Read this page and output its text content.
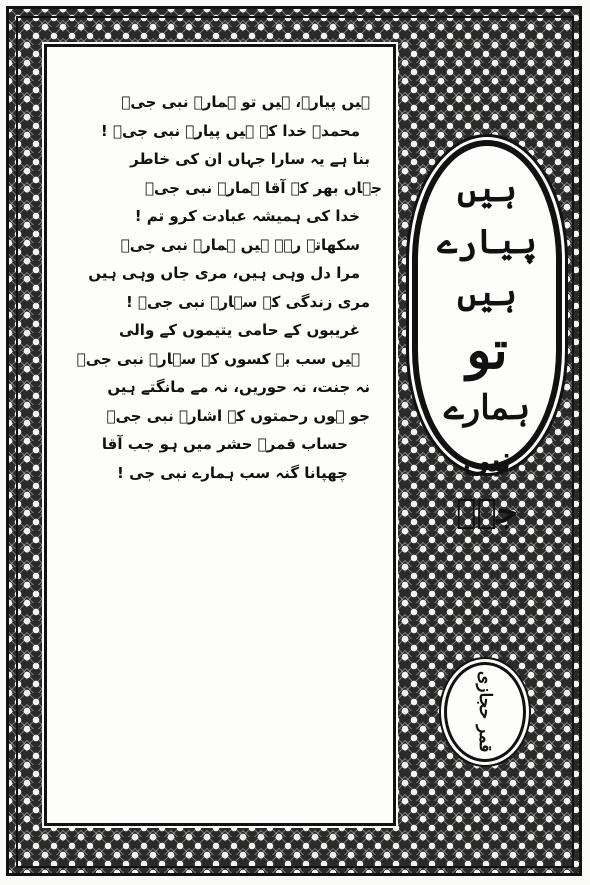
ہیں پیارے، ہیں تو ہمارے نبی جیؐ
محمدؐ خدا کے ہیں پیارے نبی جیؐ !
بنا ہے یہ سارا جہاں ان کی خاطر
جہاں بھر کے آقا ہمارے نبی جیؐ
خدا کی ہمیشہ عبادت کرو تم !
سکھاتے رہے ہیں ہمارے نبی جیؐ
مرا دل وہی ہیں، مری جاں وہی ہیں
مری زندگی کے سہارے نبی جیؐ !
غریبوں کے حامی یتیموں کے والی
ہیں سب بے کسوں کے سہارے نبی جیؐ
نہ جنت، نہ حوریں، نہ مے مانگتے ہیں
جو ہوں رحمتوں کے اشارے نبی جیؐ
حساب قمرؔ حشر میں ہو جب آقا
چھپانا گنہ سب ہمارے نبی جی !
ہیں
پیارے ہیں
تو
ہمارے نبی
جیؐ
قمر حجازی
